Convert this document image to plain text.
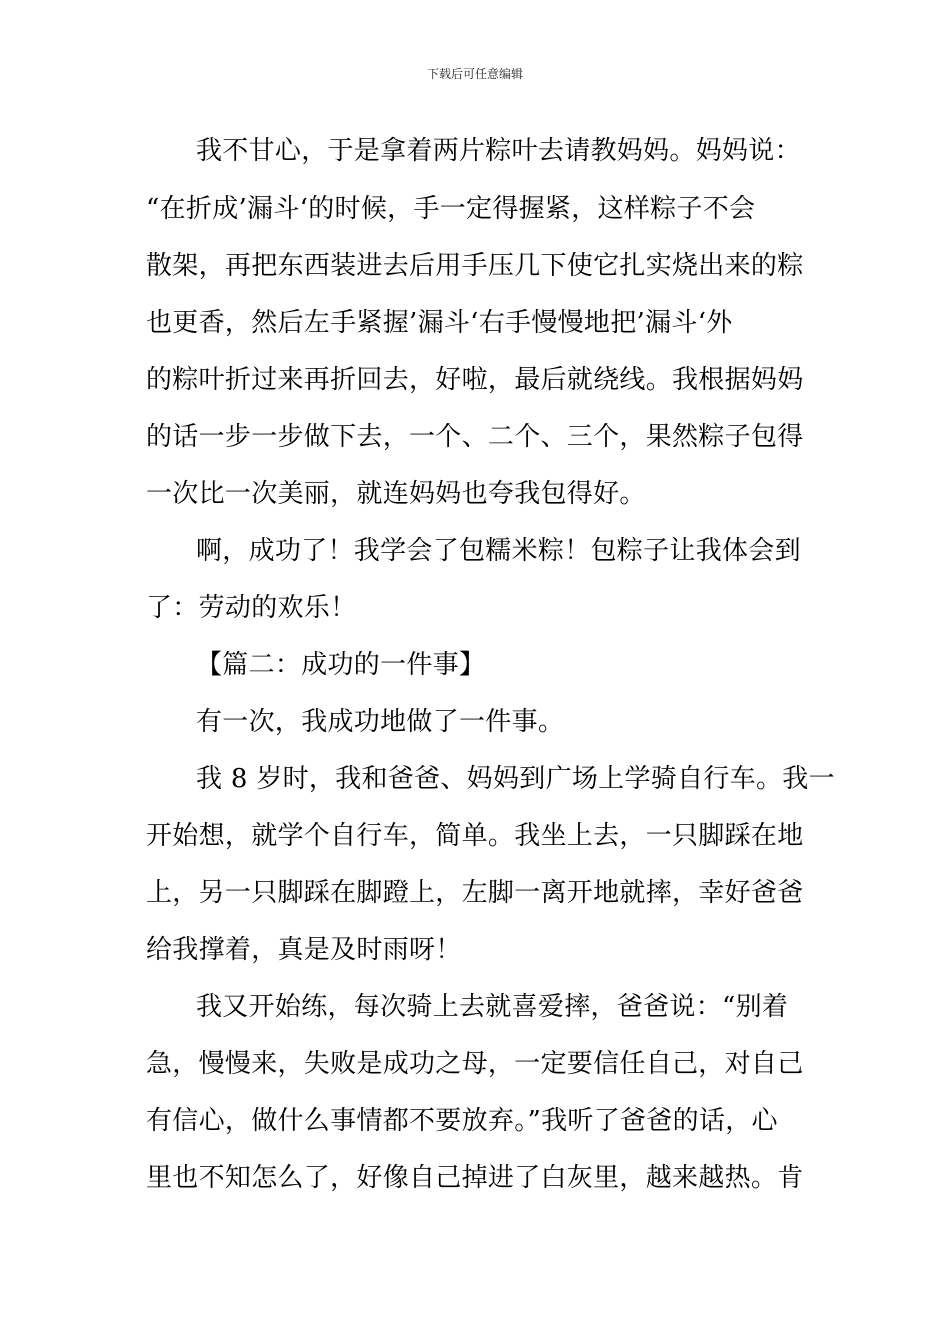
下载后可任意编辑
我不甘心，于是拿着两片粽叶去请教妈妈。妈妈说：
“在折成’漏斗‘的时候，手一定得握紧，这样粽子不会
散架，再把东西装进去后用手压几下使它扎实烧出来的粽
也更香，然后左手紧握’漏斗‘右手慢慢地把’漏斗‘外
的粽叶折过来再折回去，好啦，最后就绕线。我根据妈妈
的话一步一步做下去，一个、二个、三个，果然粽子包得
一次比一次美丽，就连妈妈也夸我包得好。
啊，成功了！我学会了包糯米粽！包粽子让我体会到
了：劳动的欢乐！
【篇二：成功的一件事】
有一次，我成功地做了一件事。
我 8 岁时，我和爸爸、妈妈到广场上学骑自行车。我一
开始想，就学个自行车，简单。我坐上去，一只脚踩在地
上，另一只脚踩在脚蹬上，左脚一离开地就摔，幸好爸爸
给我撑着，真是及时雨呀！
我又开始练，每次骑上去就喜爱摔，爸爸说：“别着
急，慢慢来，失败是成功之母，一定要信任自己，对自己
有信心，做什么事情都不要放弃。”我听了爸爸的话，心
里也不知怎么了，好像自己掉进了白灰里，越来越热。肯
